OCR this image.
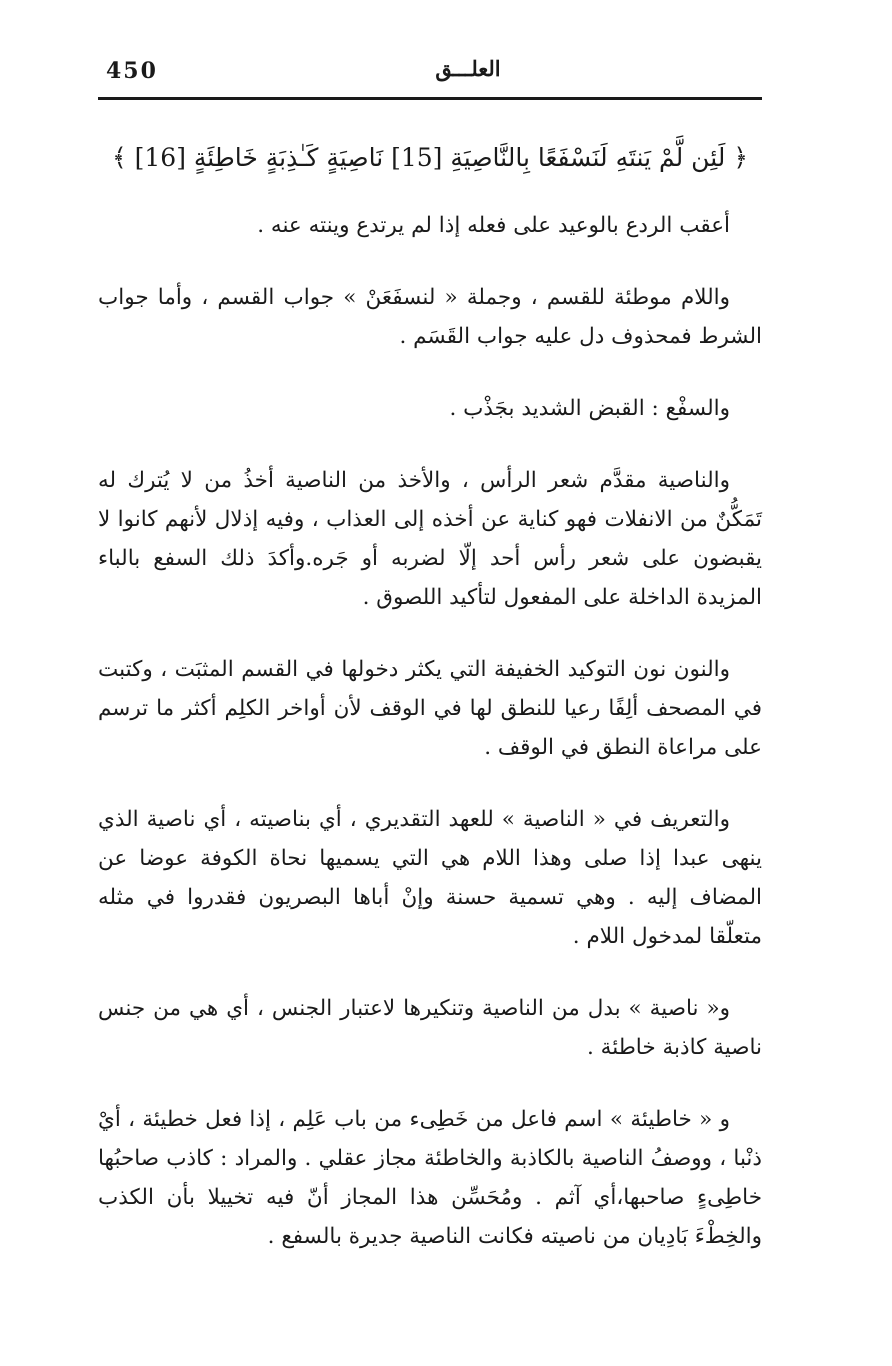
450	العلـــق
﴿ لَئِن لَّمْ يَنتَهِ لَنَسْفَعًا بِالنَّاصِيَةِ [15] نَاصِيَةٍ كَـٰذِبَةٍ خَاطِئَةٍ [16] ﴾

أعقب الردع بالوعيد على فعله إذا لم يرتدع وينته عنه .

واللام موطئة للقسم ، وجملة « لنسفَعَنْ » جواب القسم ، وأما جواب الشرط فمحذوف دل عليه جواب القَسَم .

والسفْع : القبض الشديد بجَذْب .

والناصية مقدَّم شعر الرأس ، والأخذ من الناصية أخذُ من لا يُترك له تَمَكُّنٌ من الانفلات فهو كناية عن أخذه إلى العذاب ، وفيه إذلال لأنهم كانوا لا يقبضون على شعر رأس أحد إلّا لضربه أو جَره.وأكدَ ذلك السفع بالباء المزيدة الداخلة على المفعول لتأكيد اللصوق .

والنون نون التوكيد الخفيفة التي يكثر دخولها في القسم المثبَت ، وكتبت في المصحف ألِفًا رعيا للنطق لها في الوقف لأن أواخر الكلِم أكثر ما ترسم على مراعاة النطق في الوقف .

والتعريف في « الناصية » للعهد التقديري ، أي بناصيته ، أي ناصية الذي ينهى عبدا إذا صلى وهذا اللام هي التي يسميها نحاة الكوفة عوضا عن المضاف إليه . وهي تسمية حسنة وإنْ أباها البصريون فقدروا في مثله متعلّقا لمدخول اللام .

و« ناصية » بدل من الناصية وتنكيرها لاعتبار الجنس ، أي هي من جنس ناصية كاذبة خاطئة .

و « خاطيئة » اسم فاعل من خَطِىء من باب عَلِم ، إذا فعل خطيئة ، أيْ ذنْبا ، ووصفُ الناصية بالكاذبة والخاطئة مجاز عقلي . والمراد : كاذب صاحبُها خاطِىءٍ صاحبها،أي آثم . ومُحَسِّن هذا المجاز أنّ فيه تخييلا بأن الكذب والخِطْءَ بَادِيان من ناصيته فكانت الناصية جديرة بالسفع .
